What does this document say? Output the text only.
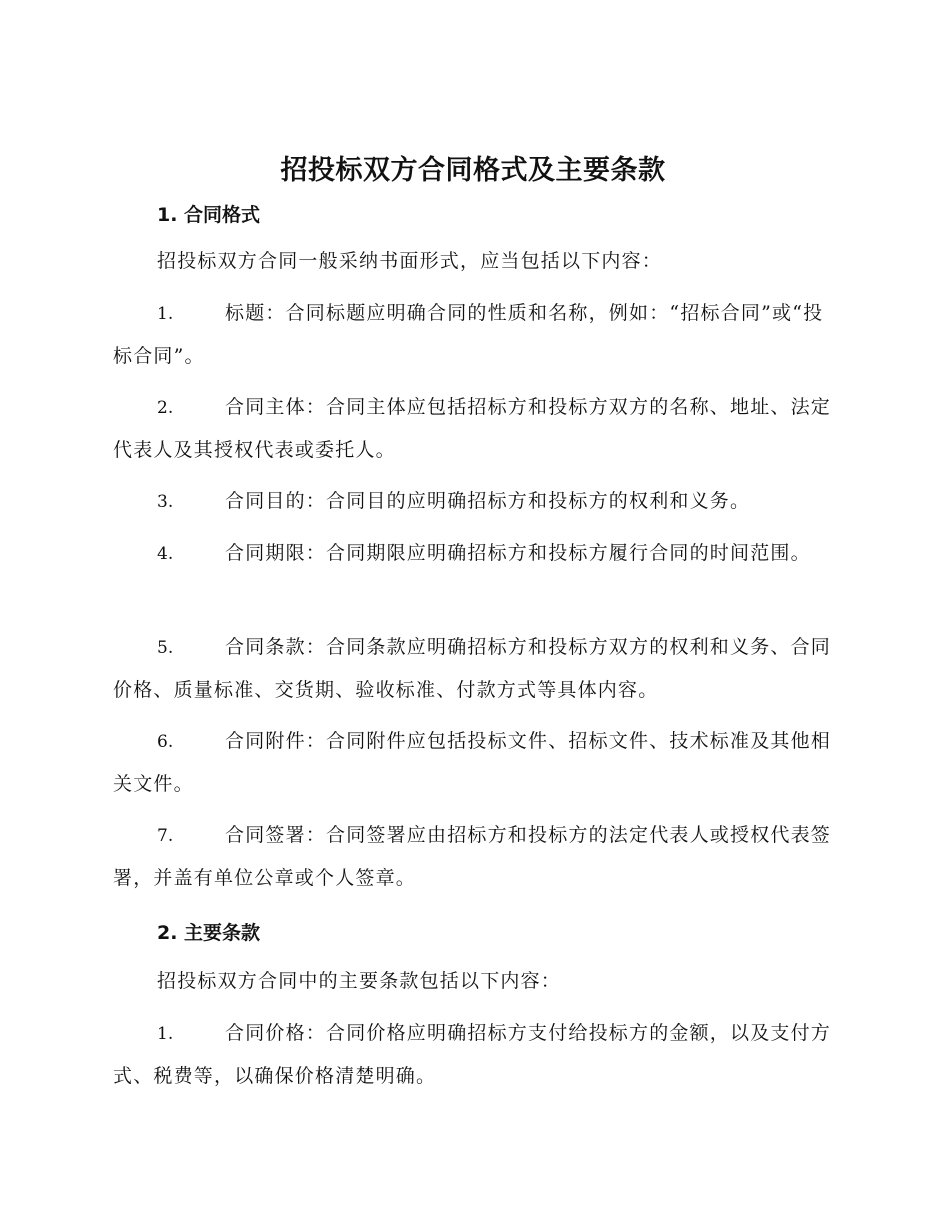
招投标双方合同格式及主要条款
1. 合同格式

招投标双方合同一般采纳书面形式，应当包括以下内容：

1.	标题：合同标题应明确合同的性质和名称，例如：“招标合同”或“投标合同”。

2.	合同主体：合同主体应包括招标方和投标方双方的名称、地址、法定代表人及其授权代表或委托人。

3.	合同目的：合同目的应明确招标方和投标方的权利和义务。

4.	合同期限：合同期限应明确招标方和投标方履行合同的时间范围。

5.	合同条款：合同条款应明确招标方和投标方双方的权利和义务、合同价格、质量标准、交货期、验收标准、付款方式等具体内容。

6.	合同附件：合同附件应包括投标文件、招标文件、技术标准及其他相关文件。

7.	合同签署：合同签署应由招标方和投标方的法定代表人或授权代表签署，并盖有单位公章或个人签章。

2. 主要条款

招投标双方合同中的主要条款包括以下内容：

1.	合同价格：合同价格应明确招标方支付给投标方的金额，以及支付方式、税费等，以确保价格清楚明确。
